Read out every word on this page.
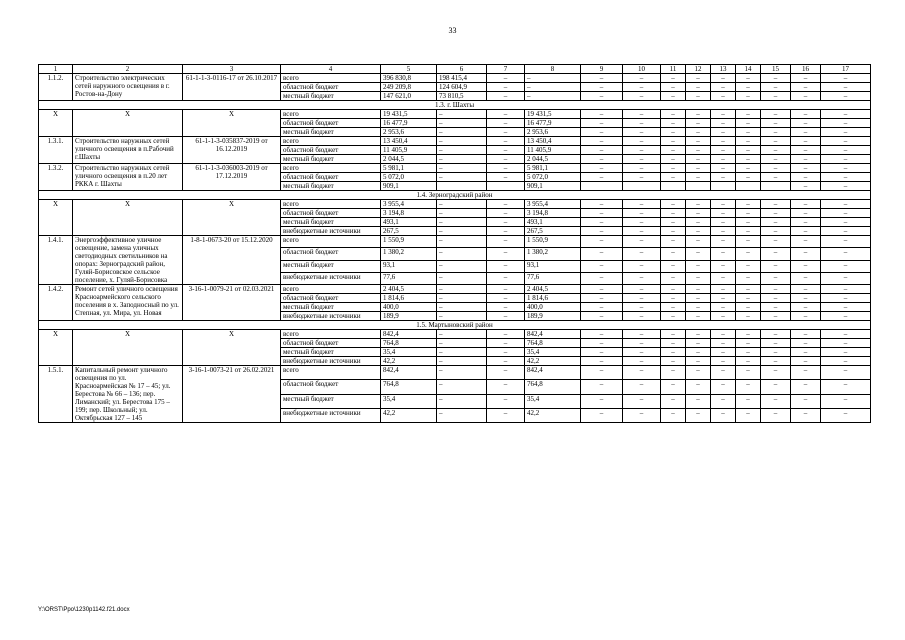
33
1	2	3	4	5	6	7	8	9	10	11	12	13	14	15	16	17
1.1.2.	Строительство электрических сетей наружного освещения в г. Ростов-на-Дону	61-1-1-3-0116-17 от 26.10.2017	всего	396 830,8	198 415,4	–	–	–	–	–	–	–	–	–	–	–
			областной бюджет	249 209,8	124 604,9	–	–	–	–	–	–	–	–	–	–	–
			местный бюджет	147 621,0	73 810,5	–	–	–	–	–	–	–	–	–	–	–
1.3. г. Шахты																
X	X	X	всего	19 431,5	–	–	19 431,5	–	–	–	–	–	–	–	–	–
			областной бюджет	16 477,9	–	–	16 477,9	–	–	–	–	–	–	–	–	–
			местный бюджет	2 953,6	–	–	2 953,6	–	–	–	–	–	–	–	–	–
1.3.1.	Строительство наружных сетей уличного освещения в п.Рабочий г.Шахты	61-1-1-3-035837-2019 от 16.12.2019	всего	13 450,4	–	–	13 450,4	–	–	–	–	–	–	–	–	–
			областной бюджет	11 405,9	–	–	11 405,9	–	–	–	–	–	–	–	–	–
			местный бюджет	2 044,5	–	–	2 044,5	–	–	–	–	–	–	–	–	–
1.3.2.	Строительство наружных сетей уличного освещения в п.20 лет РККА г. Шахты	61-1-1-3-036003-2019 от 17.12.2019	всего	5 981,1	–	–	5 981,1	–	–	–	–	–	–	–	–	–
			областной бюджет	5 072,0	–	–	5 072,0	–	–	–	–	–	–	–	–	–
			местный бюджет	909,1			909,1								–	–
1.4. Зерноградский район																
X	X	X	всего	3 955,4	–	–	3 955,4	–	–	–	–	–	–	–	–	–
			областной бюджет	3 194,8	–	–	3 194,8	–	–	–	–	–	–	–	–	–
			местный бюджет	493,1	–	–	493,1	–	–	–	–	–	–	–	–	–
			внебюджетные источники	267,5	–	–	267,5	–	–	–	–	–	–	–	–	–
1.4.1.	Энергоэффективное уличное освещение, замена уличных светодиодных светильников на опорах: Зерноградский район, Гуляй-Борисовское сельское поселение, х. Гуляй-Борисовка	1-8-1-0673-20 от 15.12.2020	всего	1 550,9	–	–	1 550,9	–	–	–	–	–	–	–	–	–
			областной бюджет	1 380,2	–	–	1 380,2	–	–	–	–	–	–	–	–	–
			местный бюджет	93,1	–	–	93,1	–	–	–	–	–	–	–	–	–
			внебюджетные источники	77,6	–	–	77,6	–	–	–	–	–	–	–	–	–
1.4.2.	Ремонт сетей уличного освещения Красноармейского сельского поселения в х. Заподносный по ул. Степная, ул. Мира, ул. Новая	3-16-1-0079-21 от 02.03.2021	всего	2 404,5	–	–	2 404,5	–	–	–	–	–	–	–	–	–
			областной бюджет	1 814,6	–	–	1 814,6	–	–	–	–	–	–	–	–	–
			местный бюджет	400,0	–	–	400,0	–	–	–	–	–	–	–	–	–
			внебюджетные источники	189,9	–	–	189,9	–	–	–	–	–	–	–	–	–
1.5. Мартыновский район																
X	X	X	всего	842,4	–	–	842,4	–	–	–	–	–	–	–	–	–
			областной бюджет	764,8	–	–	764,8	–	–	–	–	–	–	–	–	–
			местный бюджет	35,4	–	–	35,4	–	–	–	–	–	–	–	–	–
			внебюджетные источники	42,2	–	–	42,2	–	–	–	–	–	–	–	–	–
1.5.1.	Капитальный ремонт уличного освещения по ул. Красноармейская № 17 – 45; ул. Берестова № 66 – 136; пер. Лиманский; ул. Берестова 175 – 199; пер. Школьный; ул. Октябрьская 127 – 145	3-16-1-0073-21 от 26.02.2021	всего	842,4	–	–	842,4	–	–	–	–	–	–	–	–	–
			областной бюджет	764,8	–	–	764,8	–	–	–	–	–	–	–	–	–
			местный бюджет	35,4	–	–	35,4	–	–	–	–	–	–	–	–	–
			внебюджетные источники	42,2	–	–	42,2	–	–	–	–	–	–	–	–	–
Y:\ORST\Ppo\1230p1142.f21.docx
